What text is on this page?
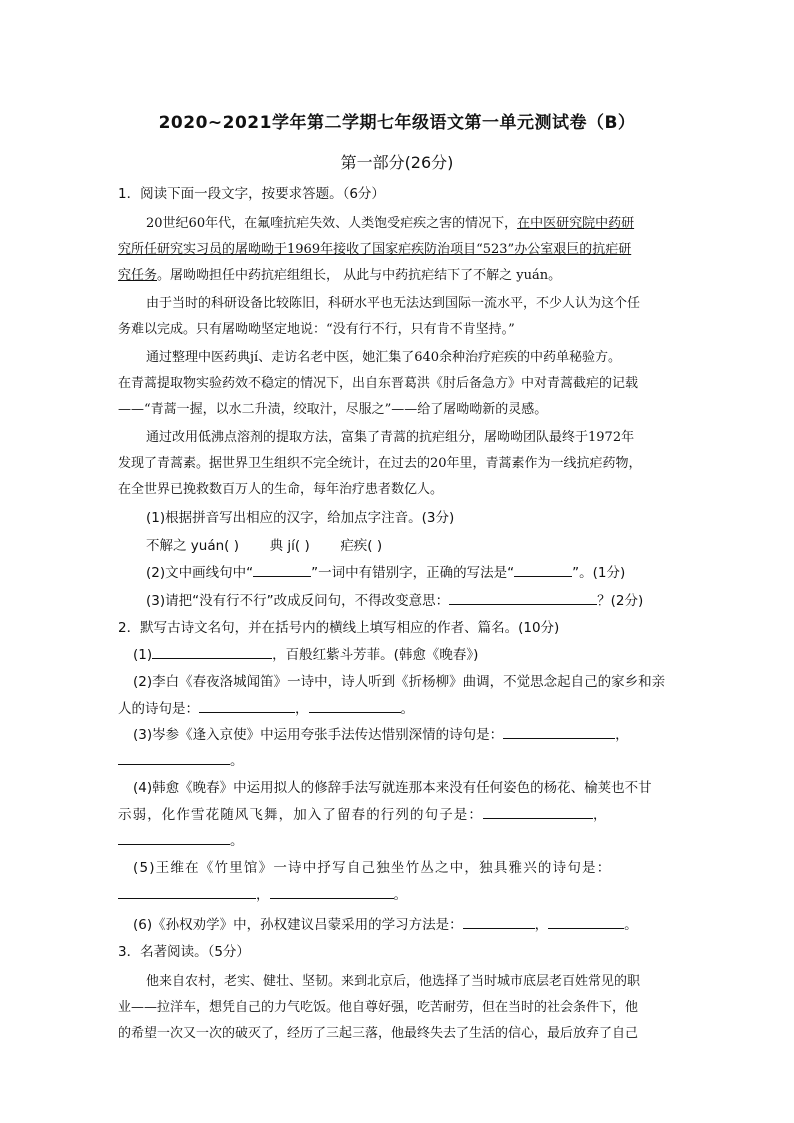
2020~2021学年第二学期七年级语文第一单元测试卷（B）
第一部分(26分)
1．阅读下面一段文字，按要求答题。（6分）
20世纪60年代，在氟喹抗疟失效、人类饱受疟疾之害的情况下，在中医研究院中药研
究所任研究实习员的屠呦呦于1969年接收了国家疟疾防治项目“523”办公室艰巨的抗疟研
究任务。屠呦呦担任中药抗疟组组长， 从此与中药抗疟结下了不解之 yuán。
由于当时的科研设备比较陈旧，科研水平也无法达到国际一流水平，不少人认为这个任
务难以完成。只有屠呦呦坚定地说：“没有行不行，只有肯不肯坚持。”
通过整理中医药典jí、走访名老中医，她汇集了640余种治疗疟疾的中药单秘验方。
在青蒿提取物实验药效不稳定的情况下，出自东晋葛洪《肘后备急方》中对青蒿截疟的记载
——“青蒿一握，以水二升渍，绞取汁，尽服之”——给了屠呦呦新的灵感。
通过改用低沸点溶剂的提取方法，富集了青蒿的抗疟组分，屠呦呦团队最终于1972年
发现了青蒿素。据世界卫生组织不完全统计，在过去的20年里，青蒿素作为一线抗疟药物，
在全世界已挽救数百万人的生命，每年治疗患者数亿人。
(1)根据拼音写出相应的汉字，给加点字注音。(3分)
不解之 yuán( ) 典 jí( ) 疟疾( )
(2)文中画线句中“	”一词中有错别字，正确的写法是“	”。(1分)
(3)请把“没有行不行”改成反问句，不得改变意思：	？(2分)
2．默写古诗文名句，并在括号内的横线上填写相应的作者、篇名。(10分)
(1)	，百般红紫斗芳菲。(韩愈《晚春》)
(2)李白《春夜洛城闻笛》一诗中，诗人听到《折杨柳》曲调，不觉思念起自己的家乡和亲
人的诗句是：	，	。
(3)岑参《逢入京使》中运用夸张手法传达惜别深情的诗句是：	，
。
(4)韩愈《晚春》中运用拟人的修辞手法写就连那本来没有任何姿色的杨花、榆荚也不甘
示弱，化作雪花随风飞舞，加入了留春的行列的句子是：	，
。
(5)王维在《竹里馆》一诗中抒写自己独坐竹丛之中，独具雅兴的诗句是：
，	。
(6)《孙权劝学》中，孙权建议吕蒙采用的学习方法是：	，	。
3．名著阅读。（5分）
他来自农村，老实、健壮、坚韧。来到北京后，他选择了当时城市底层老百姓常见的职
业——拉洋车，想凭自己的力气吃饭。他自尊好强，吃苦耐劳，但在当时的社会条件下，他
的希望一次又一次的破灭了，经历了三起三落，他最终失去了生活的信心，最后放弃了自己
